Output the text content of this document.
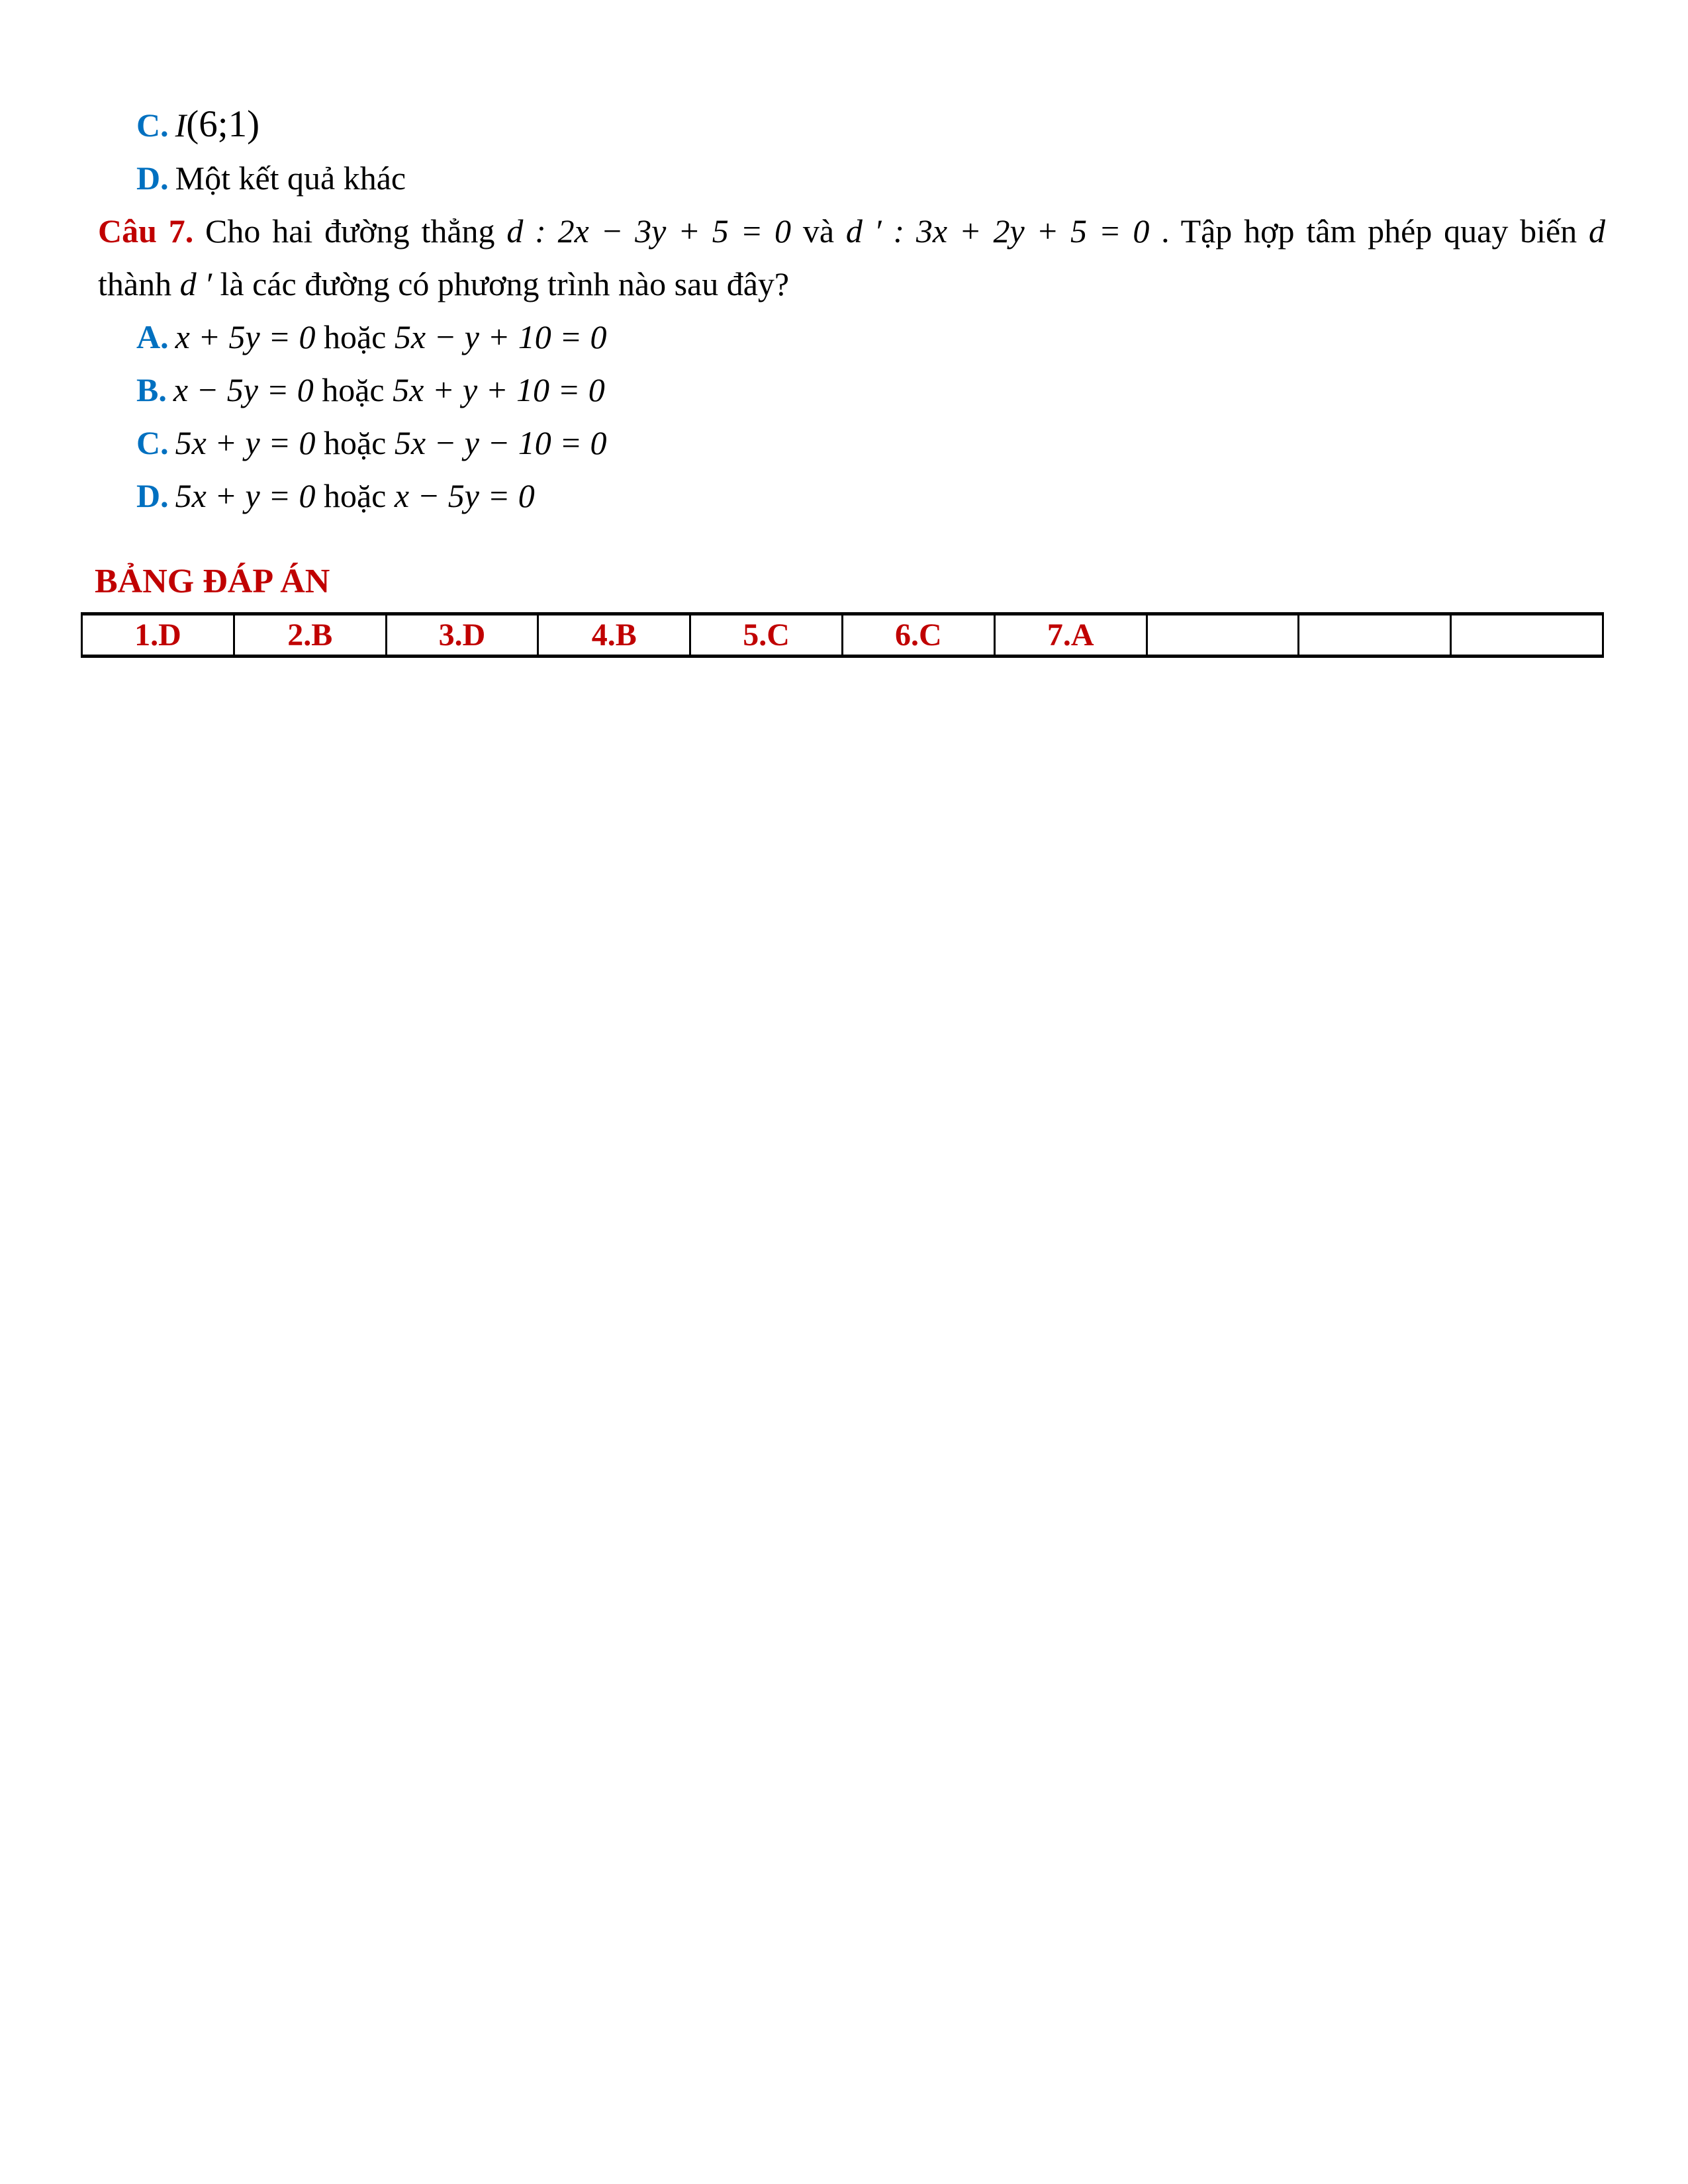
C. I(6;1)
D. Một kết quả khác

Câu 7. Cho hai đường thẳng d : 2x − 3y + 5 = 0 và d ′ : 3x + 2y + 5 = 0 . Tập hợp tâm phép quay biến d

thành d ′ là các đường có phương trình nào sau đây?

A. x + 5y = 0 hoặc 5x − y + 10 = 0
B. x − 5y = 0 hoặc 5x + y + 10 = 0
C. 5x + y = 0 hoặc 5x − y − 10 = 0
D. 5x + y = 0 hoặc x − 5y = 0
BẢNG ĐÁP ÁN
1.D	2.B	3.D	4.B	5.C	6.C	7.A			
